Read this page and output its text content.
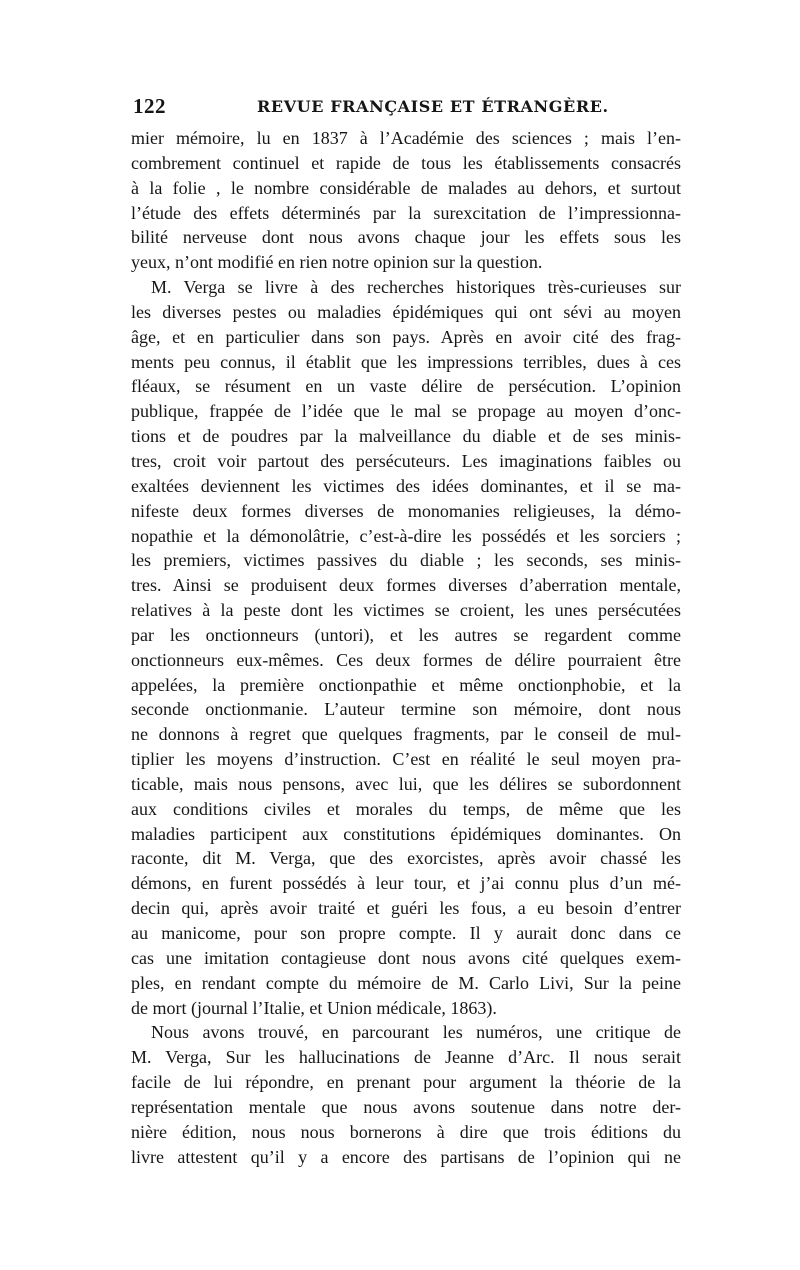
122	REVUE FRANÇAISE ET ÉTRANGÈRE.
mier mémoire, lu en 1837 à l’Académie des sciences ; mais l’en-
combrement continuel et rapide de tous les établissements consacrés
à la folie , le nombre considérable de malades au dehors, et surtout
l’étude des effets déterminés par la surexcitation de l’impressionna-
bilité nerveuse dont nous avons chaque jour les effets sous les
yeux, n’ont modifié en rien notre opinion sur la question.
M. Verga se livre à des recherches historiques très-curieuses sur
les diverses pestes ou maladies épidémiques qui ont sévi au moyen
âge, et en particulier dans son pays. Après en avoir cité des frag-
ments peu connus, il établit que les impressions terribles, dues à ces
fléaux, se résument en un vaste délire de persécution. L’opinion
publique, frappée de l’idée que le mal se propage au moyen d’onc-
tions et de poudres par la malveillance du diable et de ses minis-
tres, croit voir partout des persécuteurs. Les imaginations faibles ou
exaltées deviennent les victimes des idées dominantes, et il se ma-
nifeste deux formes diverses de monomanies religieuses, la démo-
nopathie et la démonolâtrie, c’est-à-dire les possédés et les sorciers ;
les premiers, victimes passives du diable ; les seconds, ses minis-
tres. Ainsi se produisent deux formes diverses d’aberration mentale,
relatives à la peste dont les victimes se croient, les unes persécutées
par les onctionneurs (untori), et les autres se regardent comme
onctionneurs eux-mêmes. Ces deux formes de délire pourraient être
appelées, la première onctionpathie et même onctionphobie, et la
seconde onctionmanie. L’auteur termine son mémoire, dont nous
ne donnons à regret que quelques fragments, par le conseil de mul-
tiplier les moyens d’instruction. C’est en réalité le seul moyen pra-
ticable, mais nous pensons, avec lui, que les délires se subordonnent
aux conditions civiles et morales du temps, de même que les
maladies participent aux constitutions épidémiques dominantes. On
raconte, dit M. Verga, que des exorcistes, après avoir chassé les
démons, en furent possédés à leur tour, et j’ai connu plus d’un mé-
decin qui, après avoir traité et guéri les fous, a eu besoin d’entrer
au manicome, pour son propre compte. Il y aurait donc dans ce
cas une imitation contagieuse dont nous avons cité quelques exem-
ples, en rendant compte du mémoire de M. Carlo Livi, Sur la peine
de mort (journal l’Italie, et Union médicale, 1863).
Nous avons trouvé, en parcourant les numéros, une critique de
M. Verga, Sur les hallucinations de Jeanne d’Arc. Il nous serait
facile de lui répondre, en prenant pour argument la théorie de la
représentation mentale que nous avons soutenue dans notre der-
nière édition, nous nous bornerons à dire que trois éditions du
livre attestent qu’il y a encore des partisans de l’opinion qui ne
